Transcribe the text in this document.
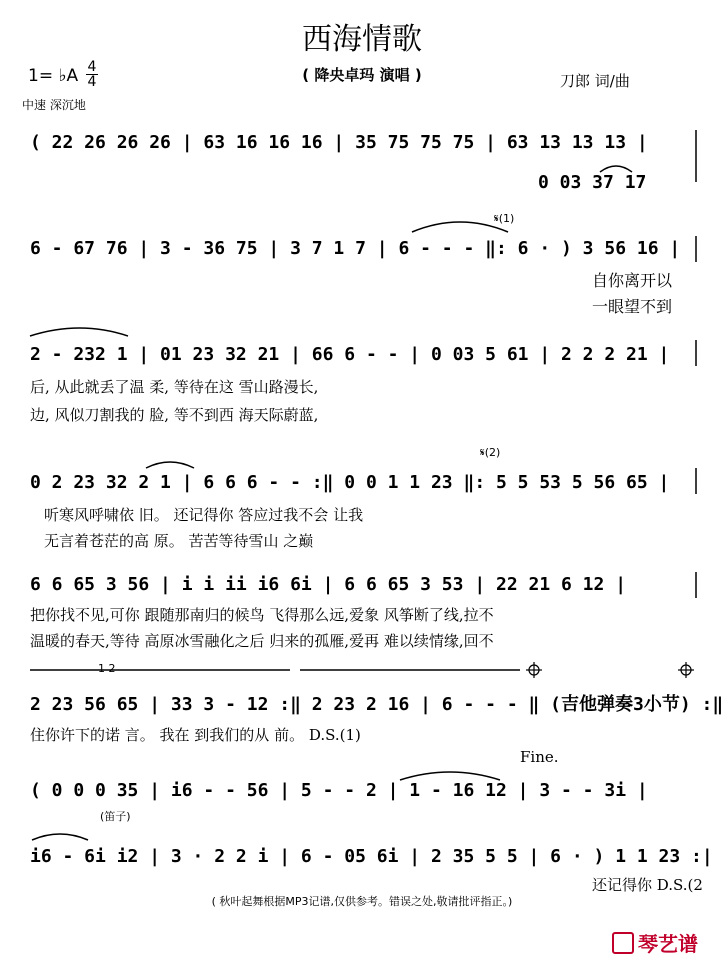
西海情歌
( 降央卓玛 演唱 )
1= ♭A 4
4
中速 深沉地
刀郎 词/曲
( 22 26 26 26 | 63 16 16 16 | 35 75 75 75 | 63 13 13 13 |
0 03 37 17
𝄋(1)
6 - 67 76 | 3 - 36 75 | 3 7 1 7 | 6 - - - ‖: 6 · ) 3 56 16 |
自你离开以
一眼望不到
2 - 232 1 | 01 23 32 21 | 66 6 - - | 0 03 5 61 | 2 2 2 21 |
后, 从此就丢了温 柔, 等待在这 雪山路漫长,
边, 风似刀割我的 脸, 等不到西 海天际蔚蓝,
𝄋(2)
0 2 23 32 2 1 | 6 6 6 - - :‖ 0 0 1 1 23 ‖: 5 5 53 5 56 65 |
听寒风呼啸依 旧。 还记得你 答应过我不会 让我
无言着苍茫的高 原。 苦苦等待雪山 之巅
6 6 65 3 56 | i i ii i6 6i | 6 6 65 3 53 | 22 21 6 12 |
把你找不见,可你 跟随那南归的候鸟 飞得那么远,爱象 风筝断了线,拉不
温暖的春天,等待 高原冰雪融化之后 归来的孤雁,爱再 难以续情缘,回不
1 2
2 23 56 65 | 33 3 - 12 :‖ 2 23 2 16 | 6 - - - ‖ (吉他弹奏3小节) :‖
住你许下的诺 言。 我在 到我们的从 前。 D.S.(1)
Fine.
( 0 0 0 35 | i6 - - 56 | 5 - - 2 | 1 - 16 12 | 3 - - 3i |
(笛子)
i6 - 6i i2 | 3 · 2 2 i | 6 - 05 6i | 2 35 5 5 | 6 · ) 1 1 23 :|
还记得你 D.S.(2
( 秋叶起舞根据MP3记谱,仅供参考。错误之处,敬请批评指正。)
琴艺谱
